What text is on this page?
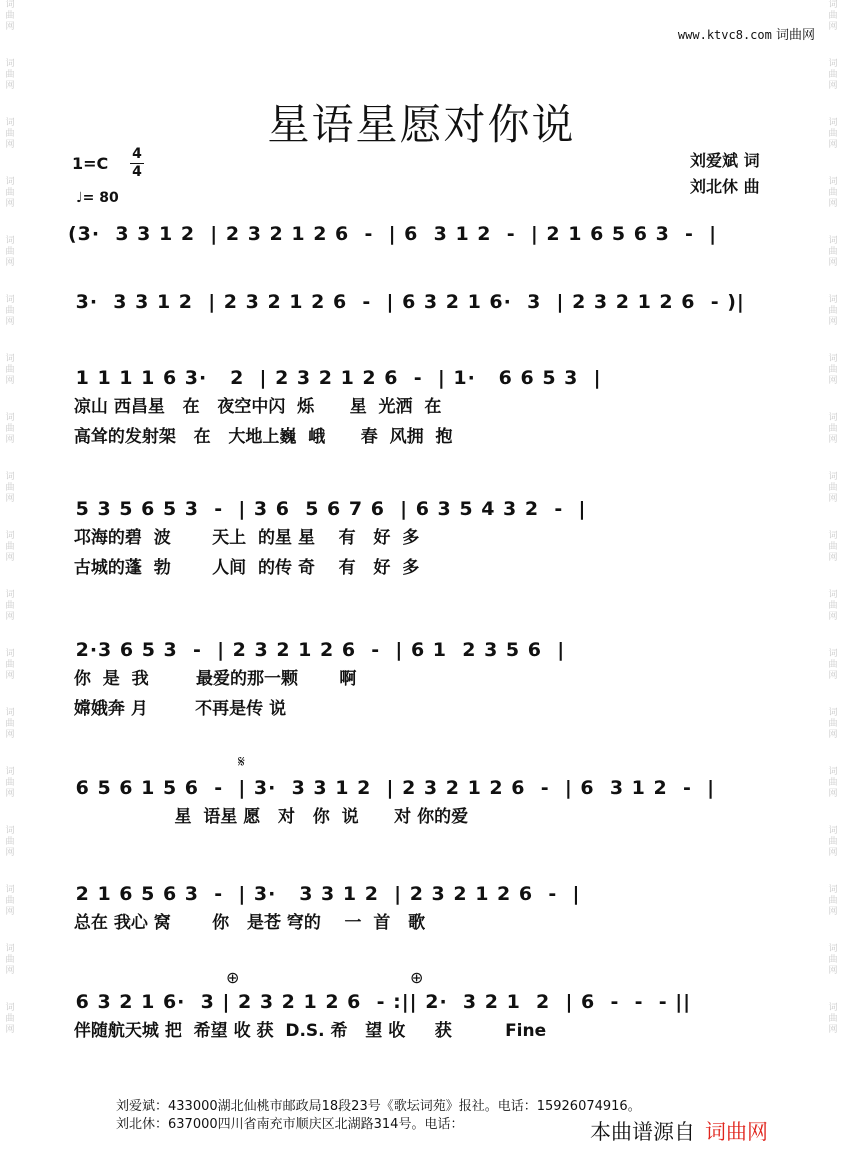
词曲网
词曲网
词曲网
词曲网
词曲网
词曲网
词曲网
词曲网
词曲网
词曲网
词曲网
词曲网
词曲网
词曲网
词曲网
词曲网
词曲网
词曲网
词曲网
词曲网
词曲网
词曲网
词曲网
词曲网
词曲网
词曲网
词曲网
词曲网
词曲网
词曲网
词曲网
词曲网
词曲网
词曲网
词曲网
词曲网
www.ktvc8.com 词曲网
星语星愿对你说
1=C 4
4
♩= 80
刘爱斌 词
刘北休 曲
(3·  3 3 1 2  | 2 3 2 1 2 6  -  | 6  3 1 2  -  | 2 1 6 5 6 3  -  |
3·  3 3 1 2  | 2 3 2 1 2 6  -  | 6 3 2 1 6·  3  | 2 3 2 1 2 6  - )|
1 1 1 1 6 3·   2  | 2 3 2 1 2 6  -  | 1·   6 6 5 3  |
凉山 西昌星   在   夜空中闪  烁      星  光洒  在
高耸的发射架   在   大地上巍  峨      春  风拥  抱
5 3 5 6 5 3  -  | 3 6  5 6 7 6  | 6 3 5 4 3 2  -  |
邛海的碧  波       天上  的星 星    有   好  多
古城的蓬  勃       人间  的传 奇    有   好  多
2·3 6 5 3  -  | 2 3 2 1 2 6  -  | 6 1  2 3 5 6  |
你  是  我        最爱的那一颗       啊
嫦娥奔 月        不再是传 说
𝄋
6 5 6 1 5 6  -  | 3·  3 3 1 2  | 2 3 2 1 2 6  -  | 6  3 1 2  -  |
星  语星 愿   对   你  说      对 你的爱
2 1 6 5 6 3  -  | 3·   3 3 1 2  | 2 3 2 1 2 6  -  |
总在 我心 窝       你   是苍 穹的    一  首   歌
⊕	⊕
6 3 2 1 6·  3 | 2 3 2 1 2 6  - :|| 2·  3 2 1  2  | 6  -  -  - ||
伴随航天城 把  希望 收 获  D.S. 希   望 收     获         Fine
刘爱斌：433000湖北仙桃市邮政局18段23号《歌坛词苑》报社。电话：15926074916。
刘北休：637000四川省南充市顺庆区北湖路314号。电话：	本曲谱源自 词曲网
